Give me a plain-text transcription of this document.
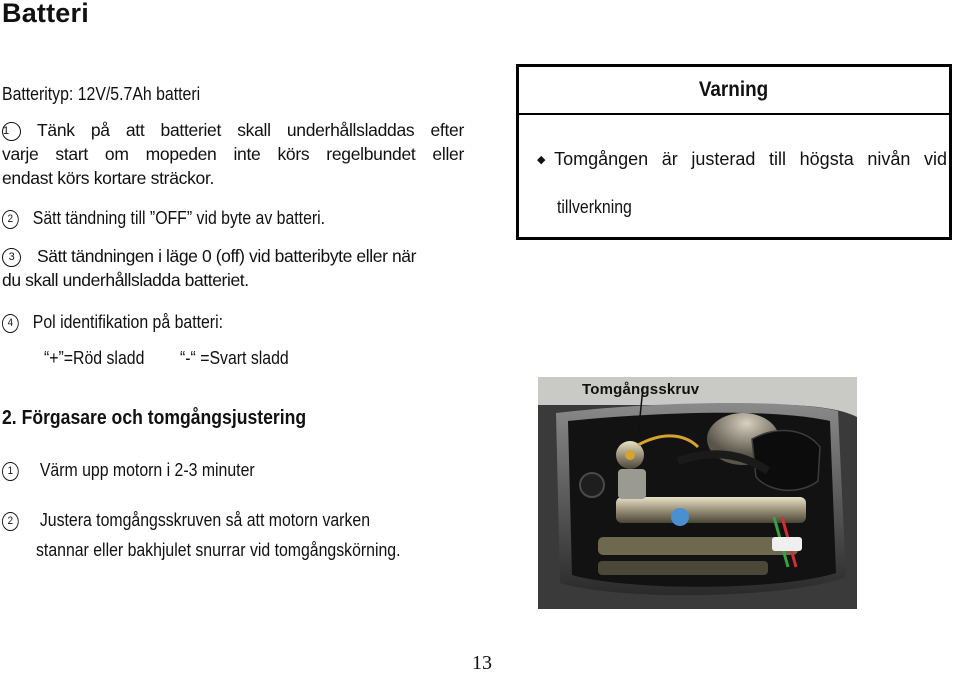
Batteri
Batterityp: 12V/5.7Ah batteri
1 Tänk på att batteriet skall underhållsladdas efter
varje start om mopeden inte körs regelbundet eller
endast körs kortare sträckor.
2 Sätt tändning till ”OFF” vid byte av batteri.
3 Sätt tändningen i läge 0 (off) vid batteribyte eller när
du skall underhållsladda batteriet.
4 Pol identifikation på batteri:
“+”=Röd sladd “-“ =Svart sladd
2. Förgasare och tomgångsjustering
1 Värm upp motorn i 2-3 minuter
2 Justera tomgångsskruven så att motorn varken
stannar eller bakhjulet snurrar vid tomgångskörning.
Varning
◆Tomgången är justerad till högsta nivån vid
tillverkning
Tomgångsskruv
13
